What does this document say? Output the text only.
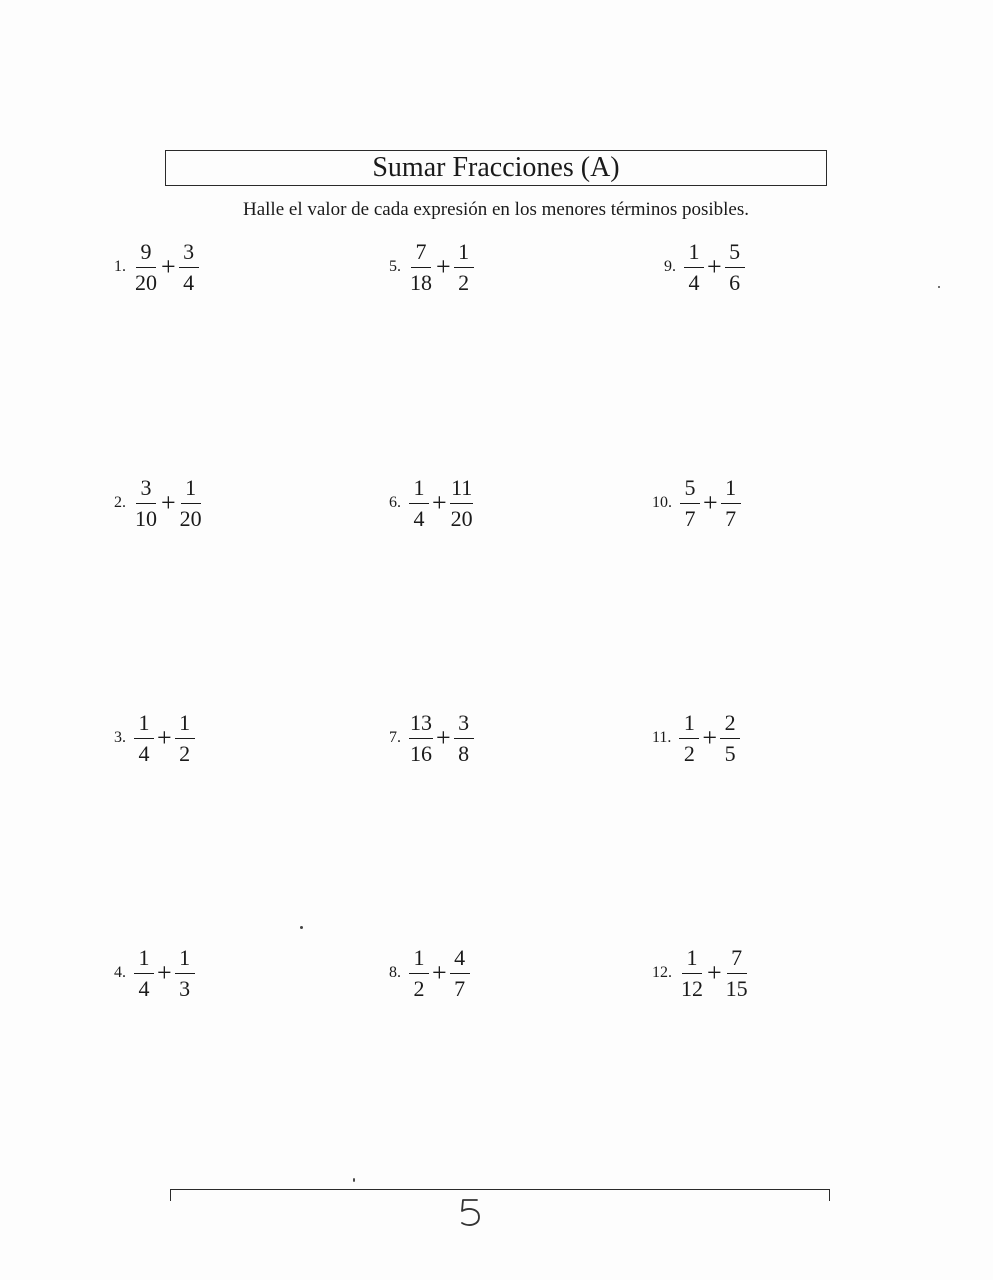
Sumar Fracciones (A)
Halle el valor de cada expresión en los menores términos posibles.
1. $\frac{9}{20} + \frac{3}{4}$
2. $\frac{3}{10} + \frac{1}{20}$
3. $\frac{1}{4} + \frac{1}{2}$
4. $\frac{1}{4} + \frac{1}{3}$
5. $\frac{7}{18} + \frac{1}{2}$
6. $\frac{1}{4} + \frac{11}{20}$
7. $\frac{13}{16} + \frac{3}{8}$
8. $\frac{1}{2} + \frac{4}{7}$
9. $\frac{1}{4} + \frac{5}{6}$
10. $\frac{5}{7} + \frac{1}{7}$
11. $\frac{1}{2} + \frac{2}{5}$
12. $\frac{1}{12} + \frac{7}{15}$
